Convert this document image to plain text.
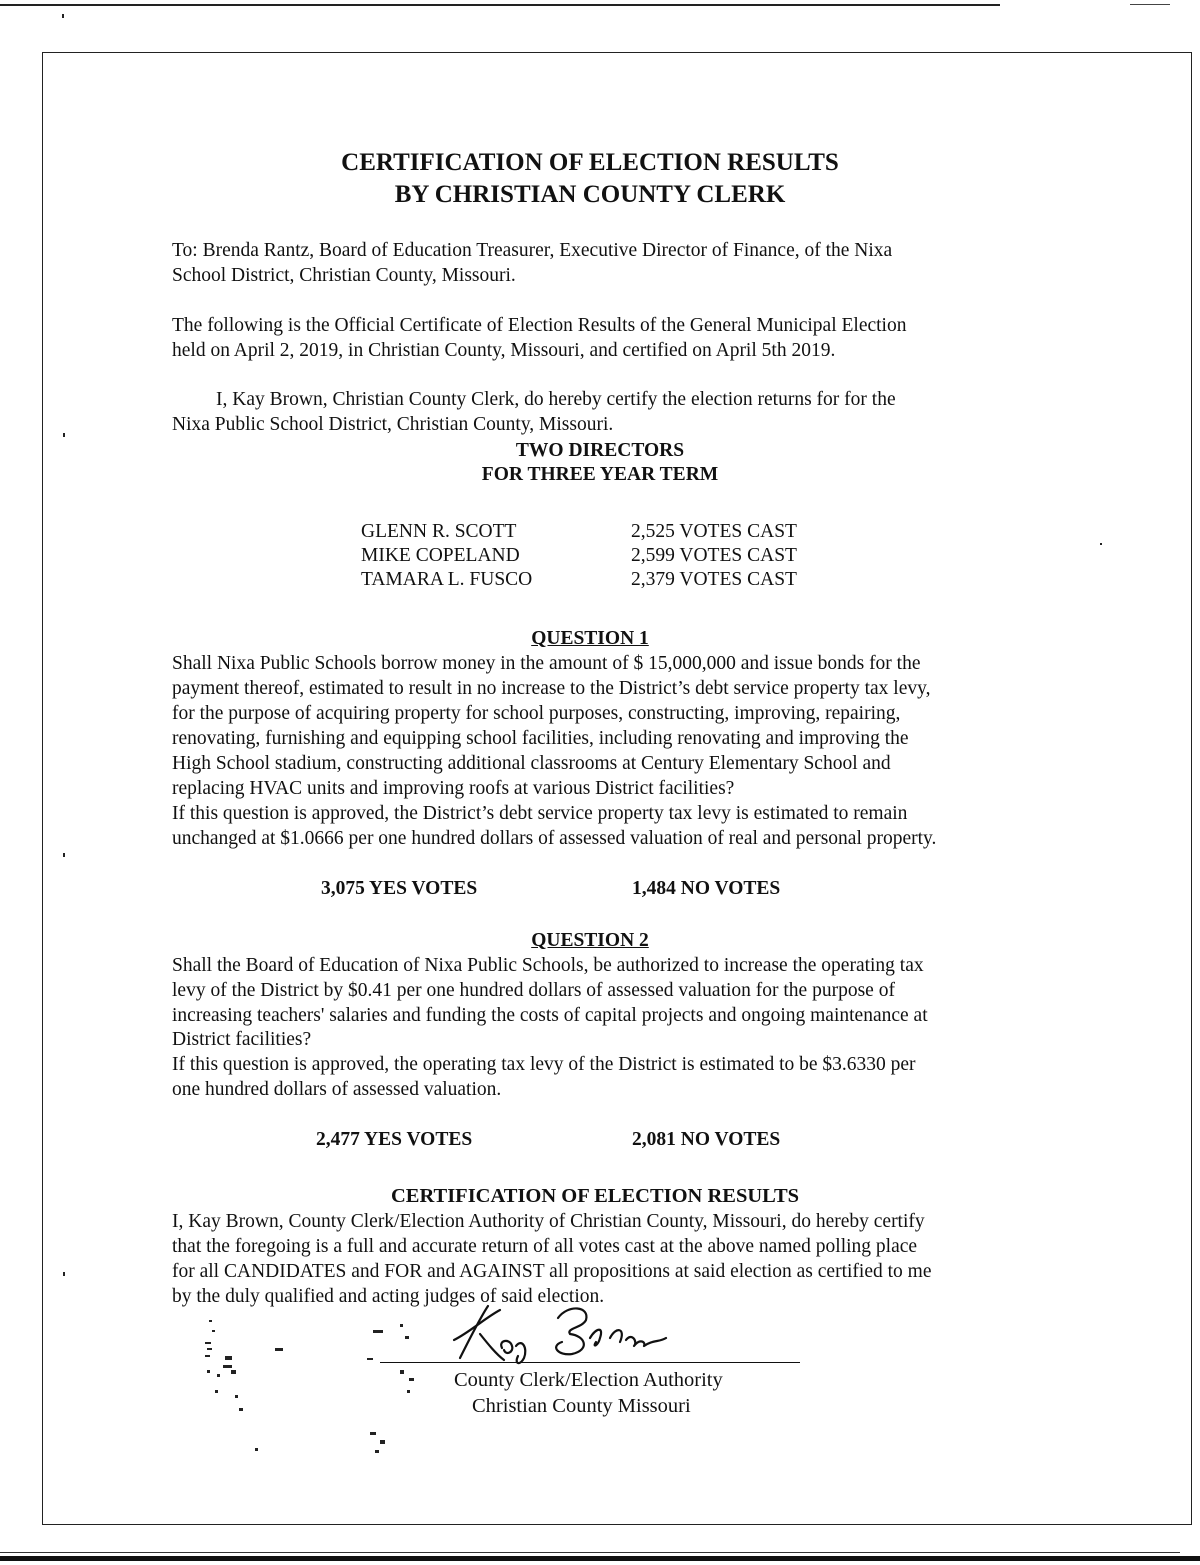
CERTIFICATION OF ELECTION RESULTS
BY CHRISTIAN COUNTY CLERK
To: Brenda Rantz, Board of Education Treasurer, Executive Director of Finance, of the Nixa
School District, Christian County, Missouri.
The following is the Official Certificate of Election Results of the General Municipal Election
held on April 2, 2019, in Christian County, Missouri, and certified on April 5th 2019.
I, Kay Brown, Christian County Clerk, do hereby certify the election returns for for the
Nixa Public School District, Christian County, Missouri.
TWO DIRECTORS
FOR THREE YEAR TERM
GLENN R. SCOTT	2,525 VOTES CAST
MIKE COPELAND	2,599 VOTES CAST
TAMARA L. FUSCO	2,379 VOTES CAST
QUESTION 1
Shall Nixa Public Schools borrow money in the amount of $ 15,000,000 and issue bonds for the
payment thereof, estimated to result in no increase to the District’s debt service property tax levy,
for the purpose of acquiring property for school purposes, constructing, improving, repairing,
renovating, furnishing and equipping school facilities, including renovating and improving the
High School stadium, constructing additional classrooms at Century Elementary School and
replacing HVAC units and improving roofs at various District facilities?
If this question is approved, the District’s debt service property tax levy is estimated to remain
unchanged at $1.0666 per one hundred dollars of assessed valuation of real and personal property.
3,075 YES VOTES	1,484 NO VOTES
QUESTION 2
Shall the Board of Education of Nixa Public Schools, be authorized to increase the operating tax
levy of the District by $0.41 per one hundred dollars of assessed valuation for the purpose of
increasing teachers' salaries and funding the costs of capital projects and ongoing maintenance at
District facilities?
If this question is approved, the operating tax levy of the District is estimated to be $3.6330 per
one hundred dollars of assessed valuation.
2,477 YES VOTES	2,081 NO VOTES
CERTIFICATION OF ELECTION RESULTS
I, Kay Brown, County Clerk/Election Authority of Christian County, Missouri, do hereby certify
that the foregoing is a full and accurate return of all votes cast at the above named polling place
for all CANDIDATES and FOR and AGAINST all propositions at said election as certified to me
by the duly qualified and acting judges of said election.
County Clerk/Election Authority
Christian County Missouri
